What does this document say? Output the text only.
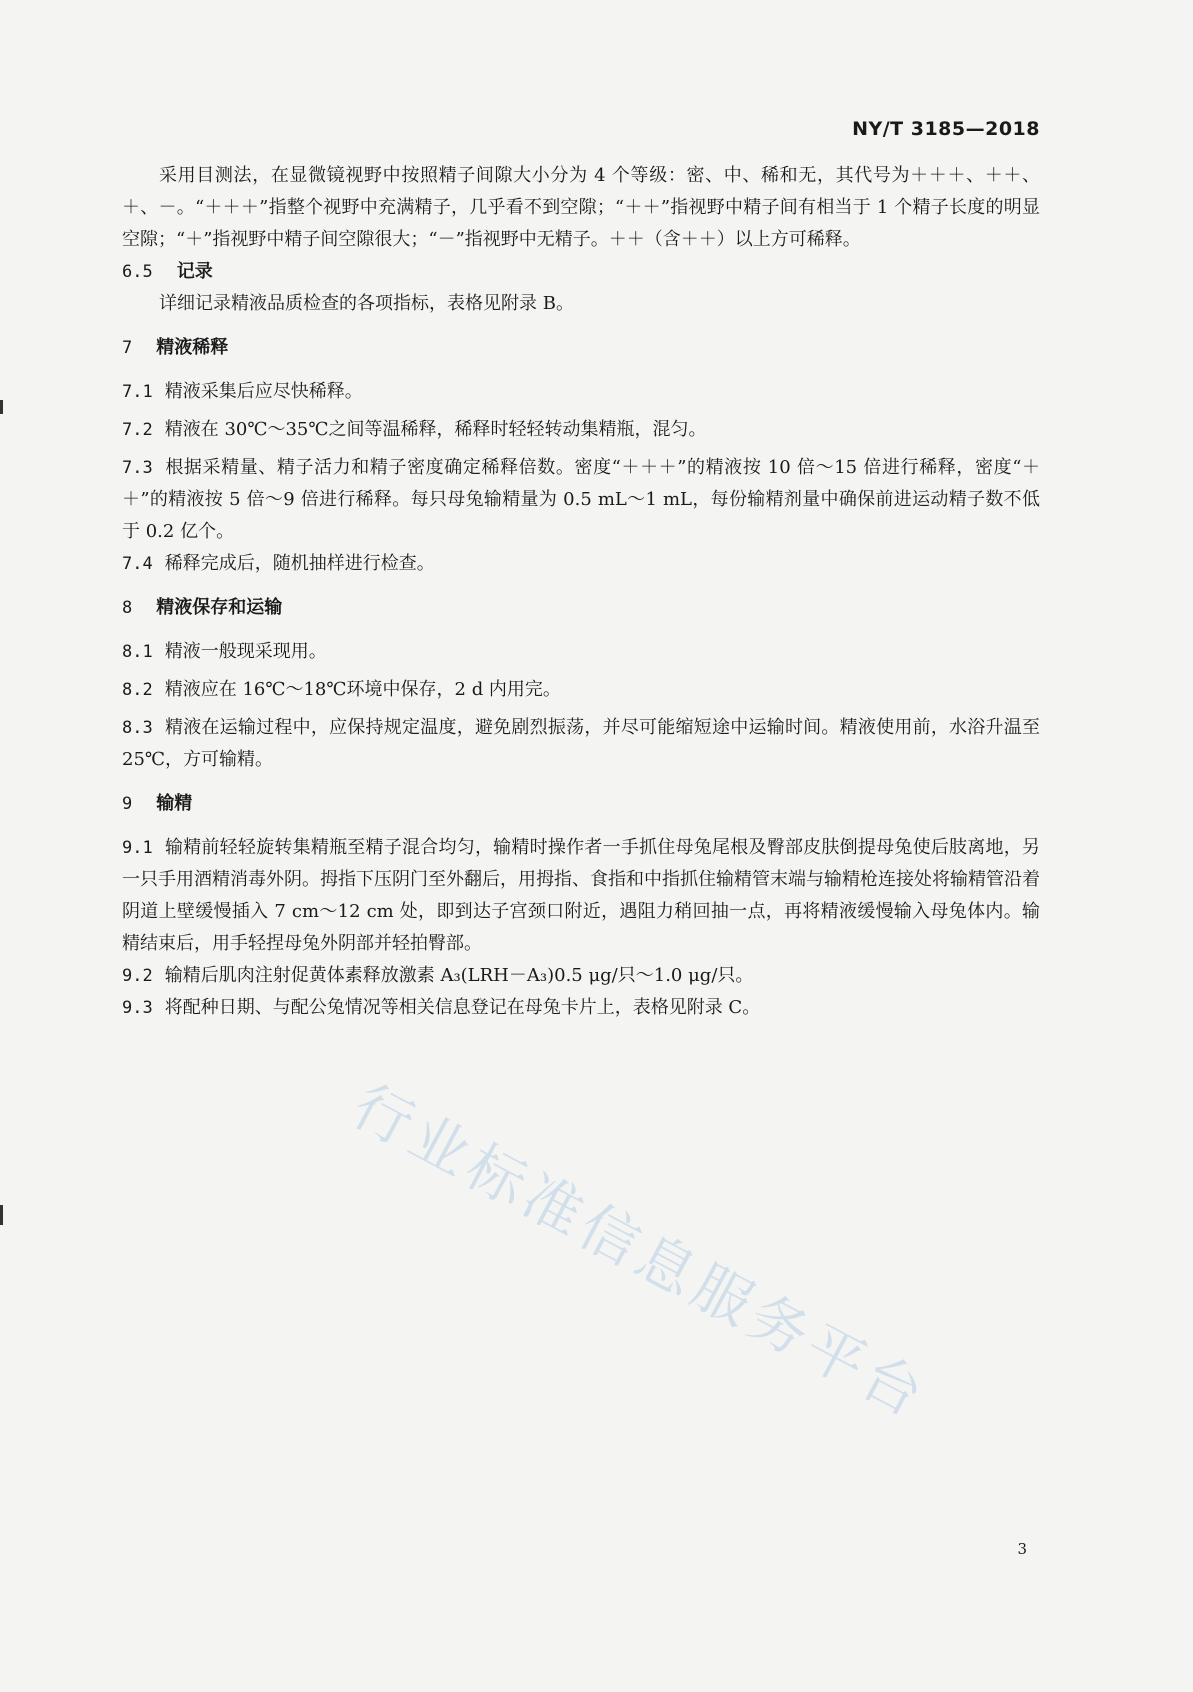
NY/T 3185—2018

采用目测法，在显微镜视野中按照精子间隙大小分为 4 个等级：密、中、稀和无，其代号为＋＋＋、＋＋、＋、－。“＋＋＋”指整个视野中充满精子，几乎看不到空隙；“＋＋”指视野中精子间有相当于 1 个精子长度的明显空隙；“＋”指视野中精子间空隙很大；“－”指视野中无精子。＋＋（含＋＋）以上方可稀释。

6.5 记录

详细记录精液品质检查的各项指标，表格见附录 B。

7 精液稀释

7.1 精液采集后应尽快稀释。

7.2 精液在 30℃～35℃之间等温稀释，稀释时轻轻转动集精瓶，混匀。

7.3 根据采精量、精子活力和精子密度确定稀释倍数。密度“＋＋＋”的精液按 10 倍～15 倍进行稀释，密度“＋＋”的精液按 5 倍～9 倍进行稀释。每只母兔输精量为 0.5 mL～1 mL，每份输精剂量中确保前进运动精子数不低于 0.2 亿个。

7.4 稀释完成后，随机抽样进行检查。

8 精液保存和运输

8.1 精液一般现采现用。

8.2 精液应在 16℃～18℃环境中保存，2 d 内用完。

8.3 精液在运输过程中，应保持规定温度，避免剧烈振荡，并尽可能缩短途中运输时间。精液使用前，水浴升温至 25℃，方可输精。

9 输精

9.1 输精前轻轻旋转集精瓶至精子混合均匀，输精时操作者一手抓住母兔尾根及臀部皮肤倒提母兔使后肢离地，另一只手用酒精消毒外阴。拇指下压阴门至外翻后，用拇指、食指和中指抓住输精管末端与输精枪连接处将输精管沿着阴道上壁缓慢插入 7 cm～12 cm 处，即到达子宫颈口附近，遇阻力稍回抽一点，再将精液缓慢输入母兔体内。输精结束后，用手轻捏母兔外阴部并轻拍臀部。

9.2 输精后肌肉注射促黄体素释放激素 A₃(LRH－A₃)0.5 μg/只～1.0 μg/只。

9.3 将配种日期、与配公兔情况等相关信息登记在母兔卡片上，表格见附录 C。

行业标准信息服务平台
3
